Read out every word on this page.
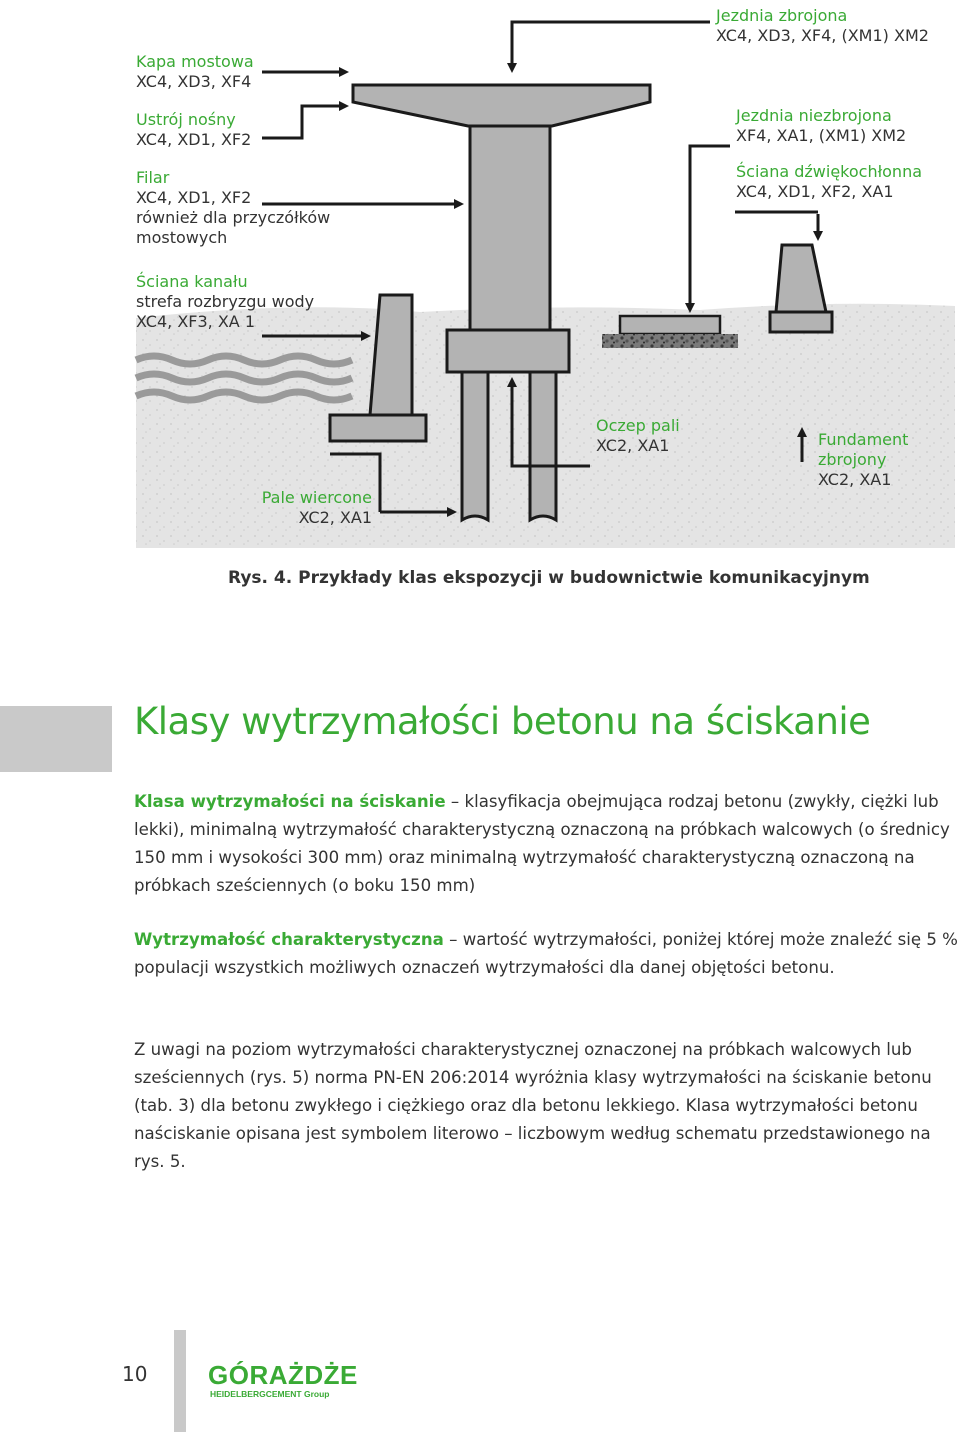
Kapa mostowa
XC4, XD3, XF4
Ustrój nośny
XC4, XD1, XF2
Filar
XC4, XD1, XF2
również dla przyczółków
mostowych
Ściana kanału
strefa rozbryzgu wody
XC4, XF3, XA 1
Jezdnia zbrojona
XC4, XD3, XF4, (XM1) XM2
Jezdnia niezbrojona
XF4, XA1, (XM1) XM2
Ściana dźwiękochłonna
XC4, XD1, XF2, XA1
Pale wiercone
XC2, XA1
Oczep pali
XC2, XA1	Fundament
zbrojony
XC2, XA1
Rys. 4. Przykłady klas ekspozycji w budownictwie komunikacyjnym
Klasy wytrzymałości betonu na ściskanie

Klasa wytrzymałości na ściskanie – klasyfikacja obejmująca rodzaj betonu (zwykły, ciężki lub lekki), minimalną wytrzymałość charakterystyczną oznaczoną na próbkach walcowych (o średnicy 150 mm i wysokości 300 mm) oraz minimalną wytrzymałość charakterystyczną oznaczoną na próbkach sześciennych (o boku 150 mm)

Wytrzymałość charakterystyczna – wartość wytrzymałości, poniżej której może znaleźć się 5 % populacji wszystkich możliwych oznaczeń wytrzymałości dla danej objętości betonu.

Z uwagi na poziom wytrzymałości charakterystycznej oznaczonej na próbkach walcowych lub sześciennych (rys. 5) norma PN-EN 206:2014 wyróżnia klasy wytrzymałości na ściskanie betonu (tab. 3) dla betonu zwykłego i ciężkiego oraz dla betonu lekkiego. Klasa wytrzymałości betonu naściskanie opisana jest symbolem literowo – liczbowym według schematu przedstawionego na rys. 5.

10 GÓRAŻDŻE
HEIDELBERGCEMENT Group
